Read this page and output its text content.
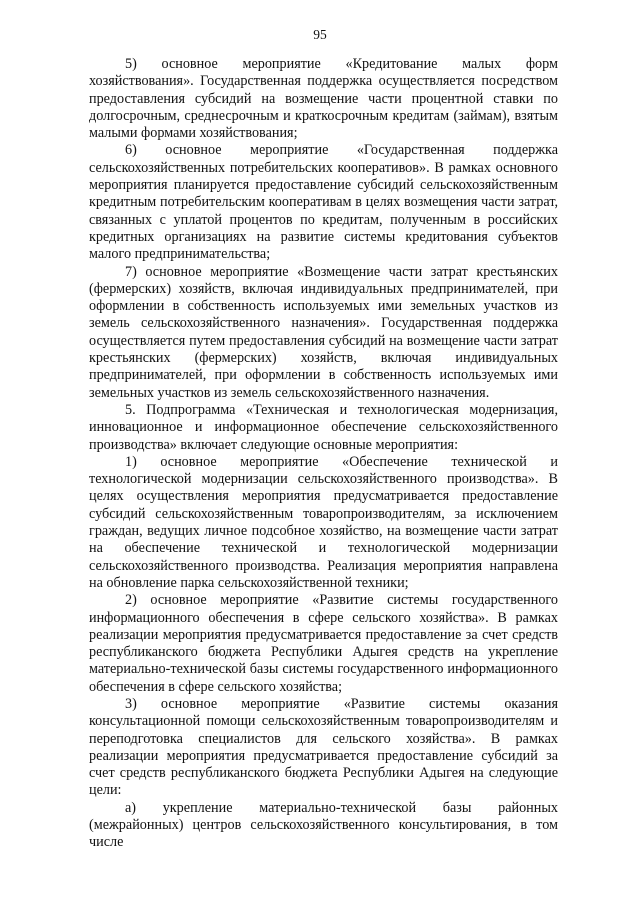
95

5) основное мероприятие «Кредитование малых форм хозяйствования». Государственная поддержка осуществляется посредством предоставления субсидий на возмещение части процентной ставки по долгосрочным, среднесрочным и краткосрочным кредитам (займам), взятым малыми формами хозяйствования;

6) основное мероприятие «Государственная поддержка сельскохозяйственных потребительских кооперативов». В рамках основного мероприятия планируется предоставление субсидий сельскохозяйственным кредитным потребительским кооперативам в целях возмещения части затрат, связанных с уплатой процентов по кредитам, полученным в российских кредитных организациях на развитие системы кредитования субъектов малого предпринимательства;

7) основное мероприятие «Возмещение части затрат крестьянских (фермерских) хозяйств, включая индивидуальных предпринимателей, при оформлении в собственность используемых ими земельных участков из земель сельскохозяйственного назначения». Государственная поддержка осуществляется путем предоставления субсидий на возмещение части затрат крестьянских (фермерских) хозяйств, включая индивидуальных предпринимателей, при оформлении в собственность используемых ими земельных участков из земель сельскохозяйственного назначения.

5. Подпрограмма «Техническая и технологическая модернизация, инновационное и информационное обеспечение сельскохозяйственного производства» включает следующие основные мероприятия:

1) основное мероприятие «Обеспечение технической и технологической модернизации сельскохозяйственного производства». В целях осуществления мероприятия предусматривается предоставление субсидий сельскохозяйственным товаропроизводителям, за исключением граждан, ведущих личное подсобное хозяйство, на возмещение части затрат на обеспечение технической и технологической модернизации сельскохозяйственного производства. Реализация мероприятия направлена на обновление парка сельскохозяйственной техники;

2) основное мероприятие «Развитие системы государственного информационного обеспечения в сфере сельского хозяйства». В рамках реализации мероприятия предусматривается предоставление за счет средств республиканского бюджета Республики Адыгея средств на укрепление материально-технической базы системы государственного информационного обеспечения в сфере сельского хозяйства;

3) основное мероприятие «Развитие системы оказания консультационной помощи сельскохозяйственным товаропроизводителям и переподготовка специалистов для сельского хозяйства». В рамках реализации мероприятия предусматривается предоставление субсидий за счет средств республиканского бюджета Республики Адыгея на следующие цели:

а) укрепление материально-технической базы районных (межрайонных) центров сельскохозяйственного консультирования, в том числе
